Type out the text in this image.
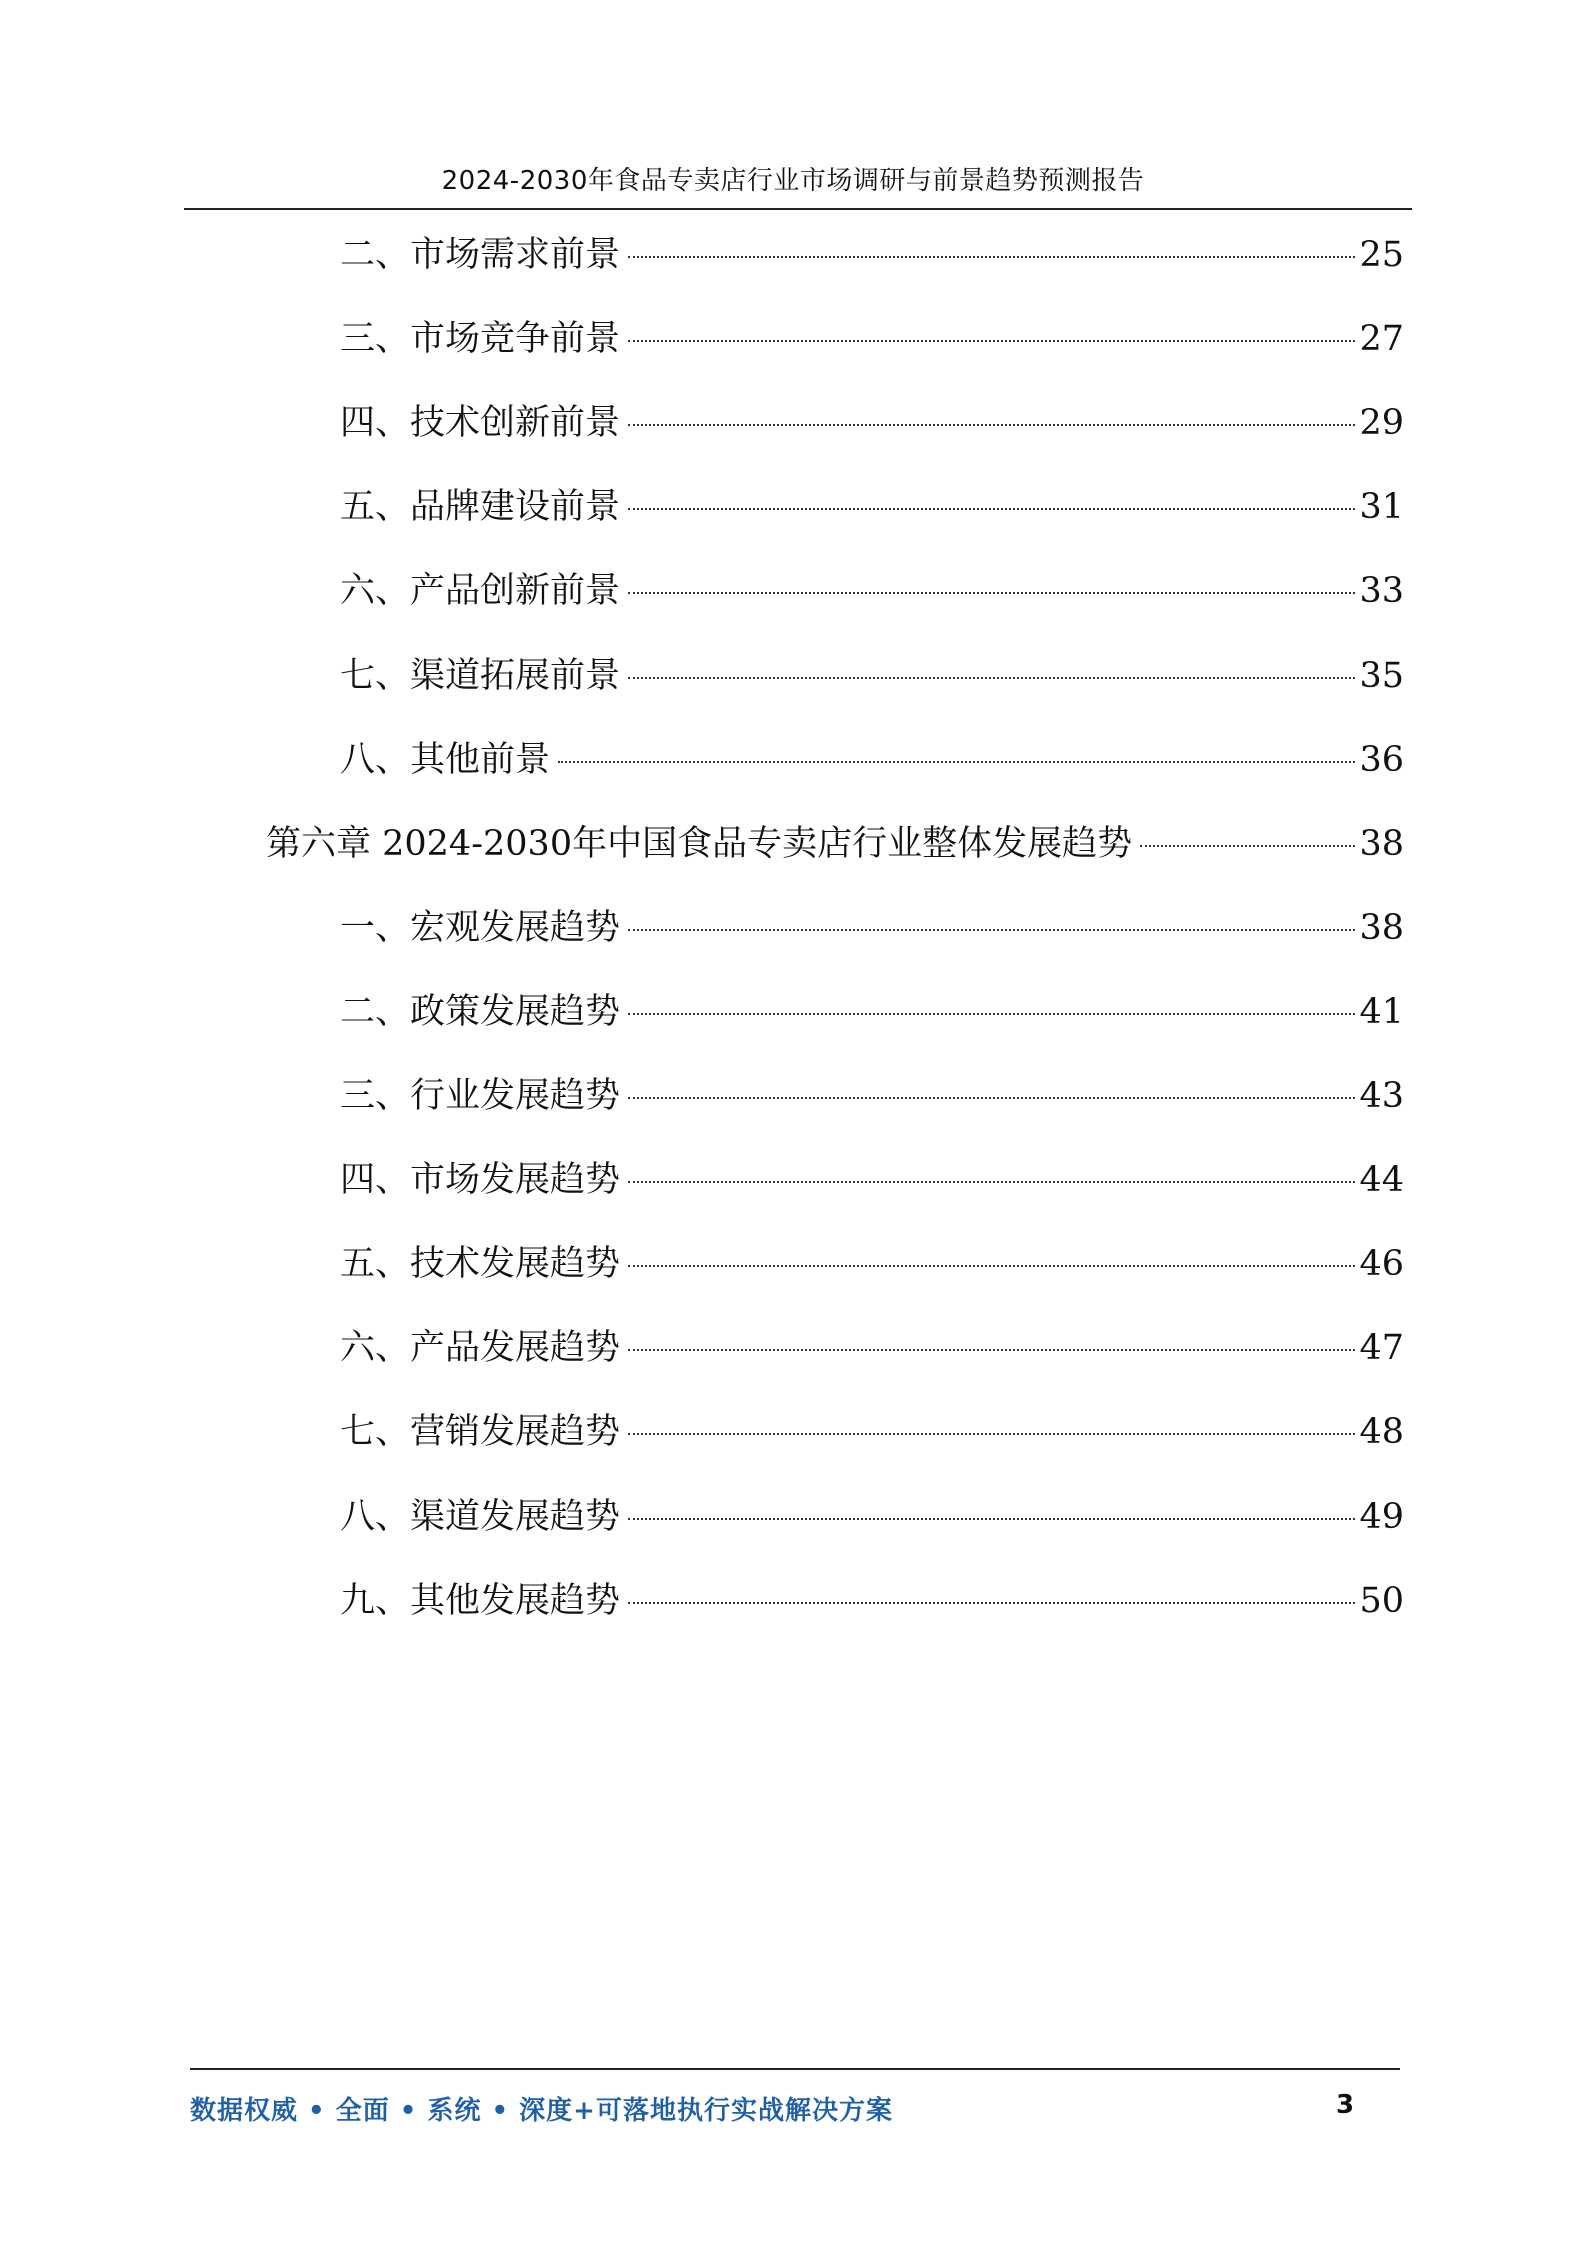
2024-2030年食品专卖店行业市场调研与前景趋势预测报告
二、市场需求前景	25
三、市场竞争前景	27
四、技术创新前景	29
五、品牌建设前景	31
六、产品创新前景	33
七、渠道拓展前景	35
八、其他前景	36
第六章 2024-2030年中国食品专卖店行业整体发展趋势	38
一、宏观发展趋势	38
二、政策发展趋势	41
三、行业发展趋势	43
四、市场发展趋势	44
五、技术发展趋势	46
六、产品发展趋势	47
七、营销发展趋势	48
八、渠道发展趋势	49
九、其他发展趋势	50
数据权威 • 全面 • 系统 • 深度+可落地执行实战解决方案	3
